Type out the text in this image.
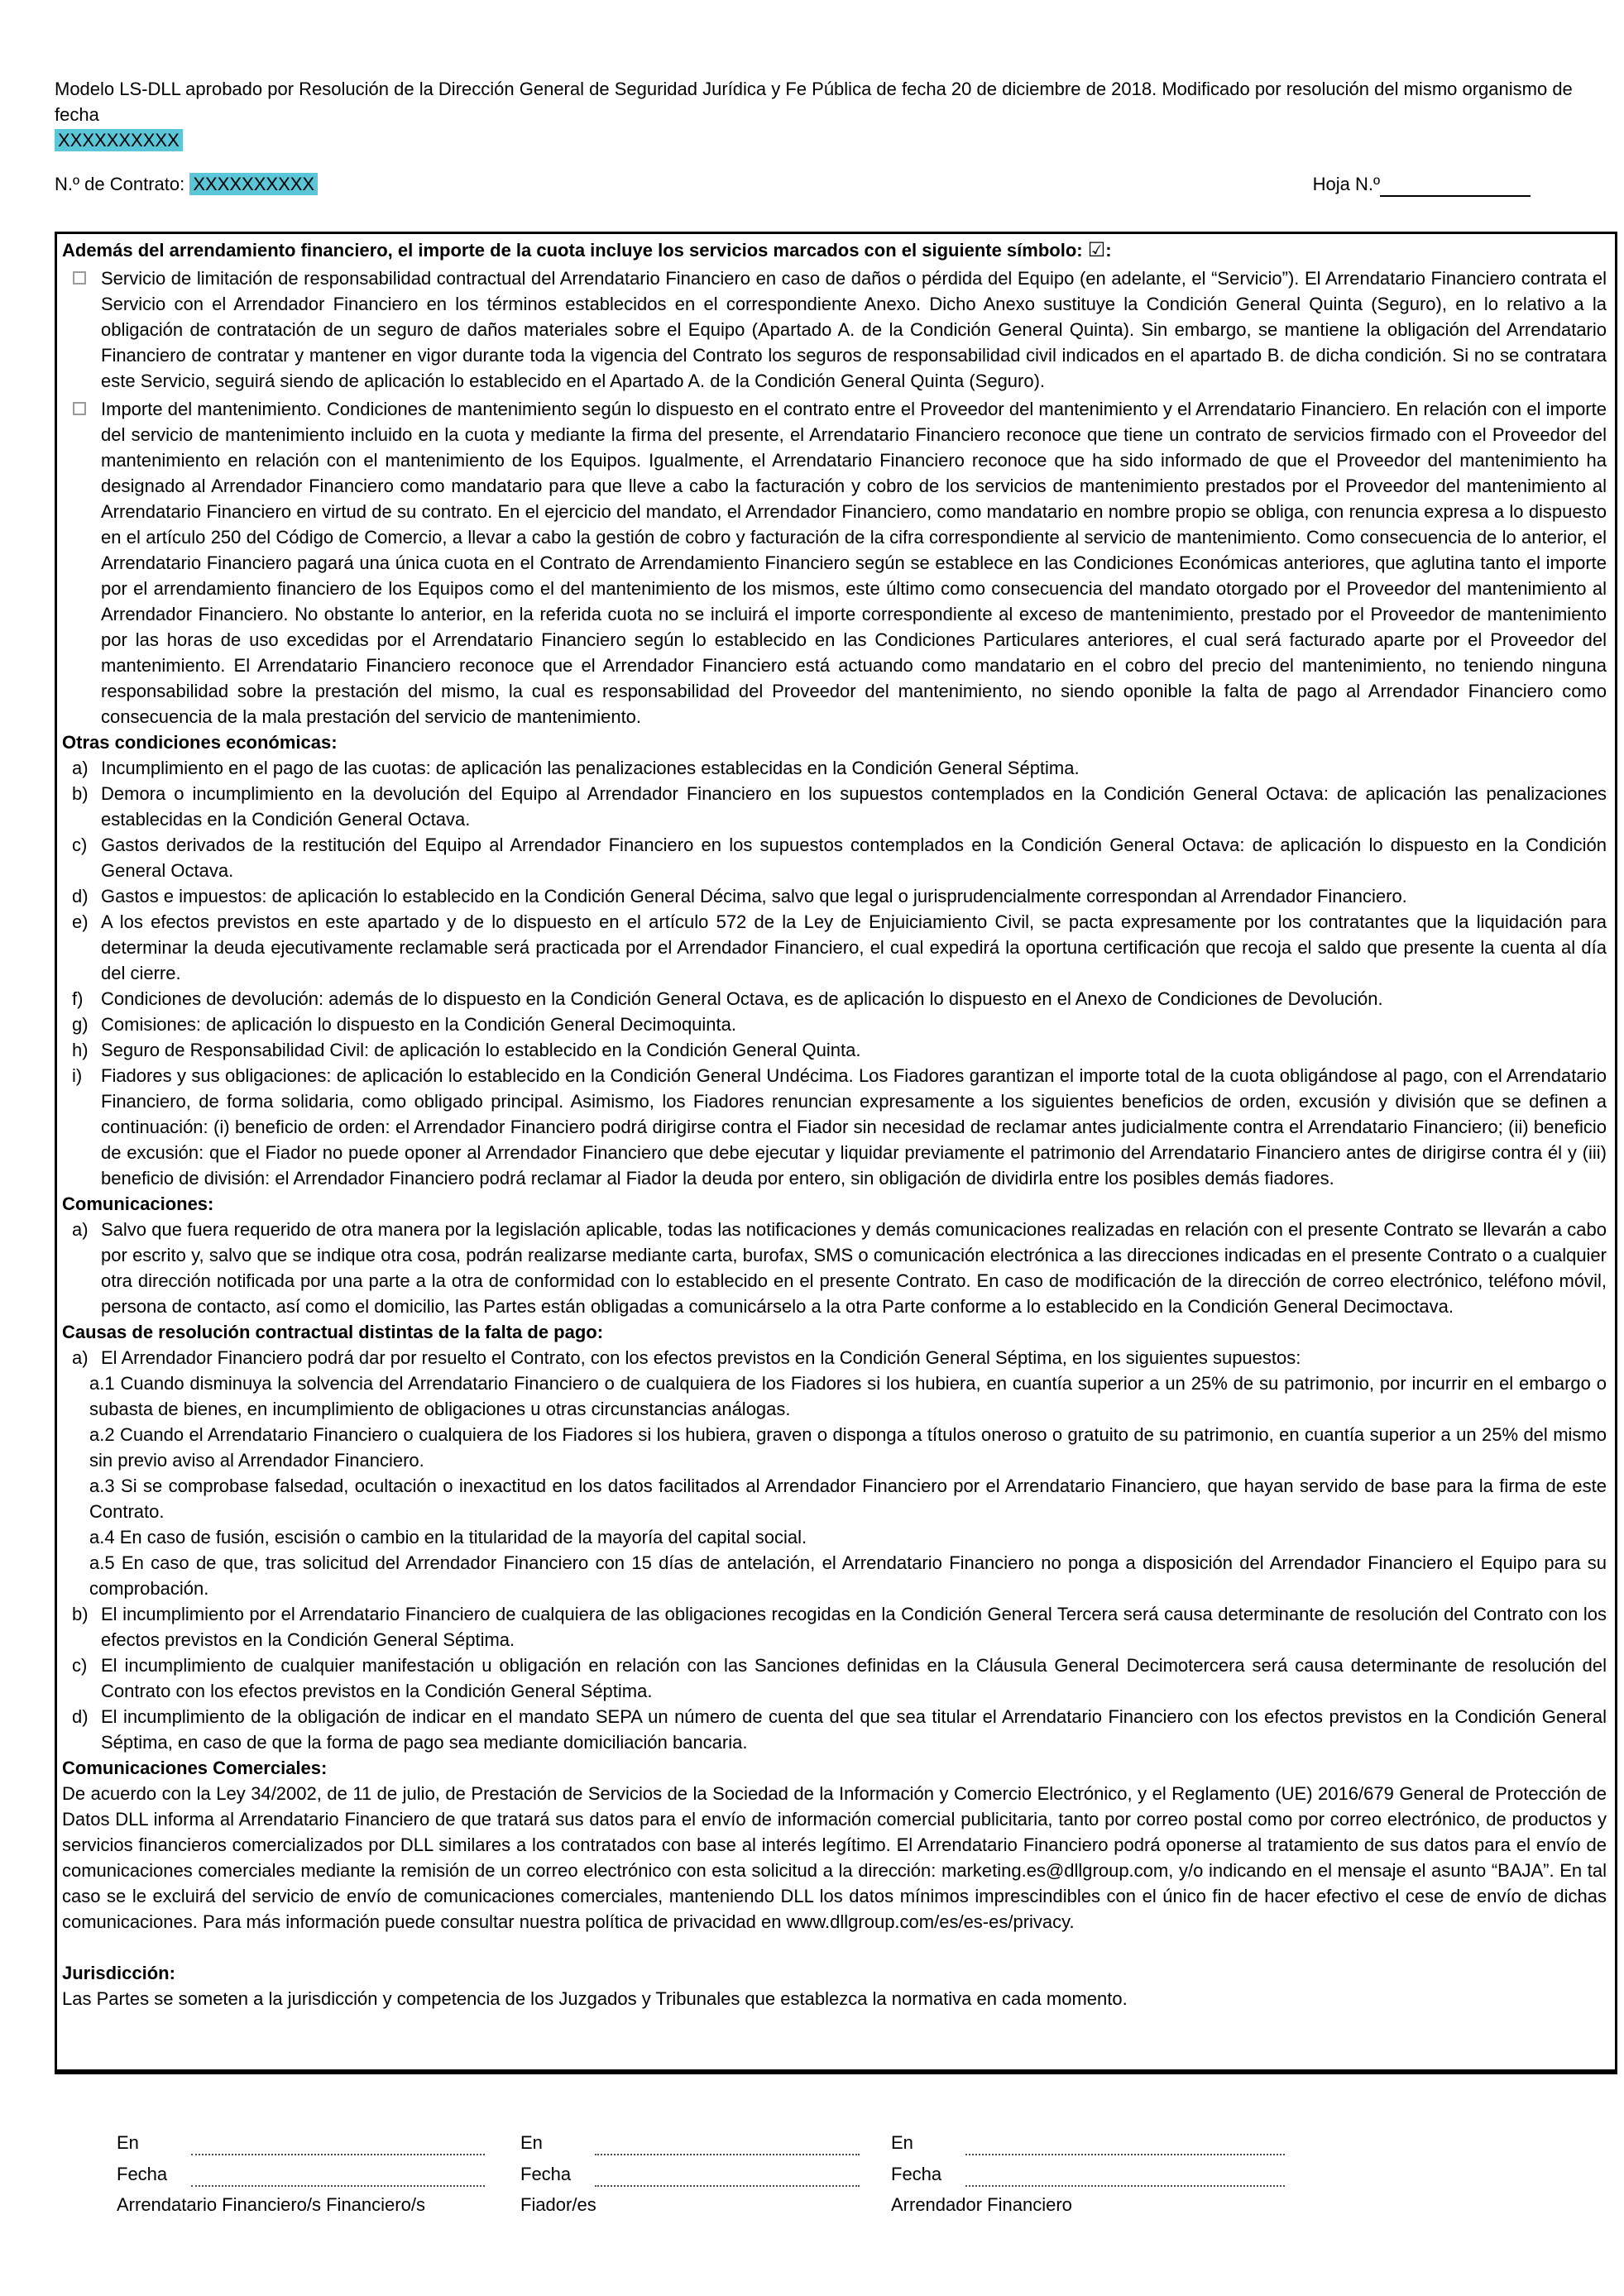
Modelo LS-DLL aprobado por Resolución de la Dirección General de Seguridad Jurídica y Fe Pública de fecha 20 de diciembre de 2018. Modificado por resolución del mismo organismo de fecha
XXXXXXXXXX
N.º de Contrato: XXXXXXXXXX	Hoja N.º

Además del arrendamiento financiero, el importe de la cuota incluye los servicios marcados con el siguiente símbolo: ☑:

Servicio de limitación de responsabilidad contractual del Arrendatario Financiero en caso de daños o pérdida del Equipo (en adelante, el “Servicio”). El Arrendatario Financiero contrata el Servicio con el Arrendador Financiero en los términos establecidos en el correspondiente Anexo. Dicho Anexo sustituye la Condición General Quinta (Seguro), en lo relativo a la obligación de contratación de un seguro de daños materiales sobre el Equipo (Apartado A. de la Condición General Quinta). Sin embargo, se mantiene la obligación del Arrendatario Financiero de contratar y mantener en vigor durante toda la vigencia del Contrato los seguros de responsabilidad civil indicados en el apartado B. de dicha condición. Si no se contratara este Servicio, seguirá siendo de aplicación lo establecido en el Apartado A. de la Condición General Quinta (Seguro).
Importe del mantenimiento. Condiciones de mantenimiento según lo dispuesto en el contrato entre el Proveedor del mantenimiento y el Arrendatario Financiero. En relación con el importe del servicio de mantenimiento incluido en la cuota y mediante la firma del presente, el Arrendatario Financiero reconoce que tiene un contrato de servicios firmado con el Proveedor del mantenimiento en relación con el mantenimiento de los Equipos. Igualmente, el Arrendatario Financiero reconoce que ha sido informado de que el Proveedor del mantenimiento ha designado al Arrendador Financiero como mandatario para que lleve a cabo la facturación y cobro de los servicios de mantenimiento prestados por el Proveedor del mantenimiento al Arrendatario Financiero en virtud de su contrato. En el ejercicio del mandato, el Arrendador Financiero, como mandatario en nombre propio se obliga, con renuncia expresa a lo dispuesto en el artículo 250 del Código de Comercio, a llevar a cabo la gestión de cobro y facturación de la cifra correspondiente al servicio de mantenimiento. Como consecuencia de lo anterior, el Arrendatario Financiero pagará una única cuota en el Contrato de Arrendamiento Financiero según se establece en las Condiciones Económicas anteriores, que aglutina tanto el importe por el arrendamiento financiero de los Equipos como el del mantenimiento de los mismos, este último como consecuencia del mandato otorgado por el Proveedor del mantenimiento al Arrendador Financiero. No obstante lo anterior, en la referida cuota no se incluirá el importe correspondiente al exceso de mantenimiento, prestado por el Proveedor de mantenimiento por las horas de uso excedidas por el Arrendatario Financiero según lo establecido en las Condiciones Particulares anteriores, el cual será facturado aparte por el Proveedor del mantenimiento. El Arrendatario Financiero reconoce que el Arrendador Financiero está actuando como mandatario en el cobro del precio del mantenimiento, no teniendo ninguna responsabilidad sobre la prestación del mismo, la cual es responsabilidad del Proveedor del mantenimiento, no siendo oponible la falta de pago al Arrendador Financiero como consecuencia de la mala prestación del servicio de mantenimiento.

Otras condiciones económicas:

a) Incumplimiento en el pago de las cuotas: de aplicación las penalizaciones establecidas en la Condición General Séptima.
b) Demora o incumplimiento en la devolución del Equipo al Arrendador Financiero en los supuestos contemplados en la Condición General Octava: de aplicación las penalizaciones establecidas en la Condición General Octava.
c) Gastos derivados de la restitución del Equipo al Arrendador Financiero en los supuestos contemplados en la Condición General Octava: de aplicación lo dispuesto en la Condición General Octava.
d) Gastos e impuestos: de aplicación lo establecido en la Condición General Décima, salvo que legal o jurisprudencialmente correspondan al Arrendador Financiero.
e) A los efectos previstos en este apartado y de lo dispuesto en el artículo 572 de la Ley de Enjuiciamiento Civil, se pacta expresamente por los contratantes que la liquidación para determinar la deuda ejecutivamente reclamable será practicada por el Arrendador Financiero, el cual expedirá la oportuna certificación que recoja el saldo que presente la cuenta al día del cierre.
f) Condiciones de devolución: además de lo dispuesto en la Condición General Octava, es de aplicación lo dispuesto en el Anexo de Condiciones de Devolución.
g) Comisiones: de aplicación lo dispuesto en la Condición General Decimoquinta.
h) Seguro de Responsabilidad Civil: de aplicación lo establecido en la Condición General Quinta.
i) Fiadores y sus obligaciones: de aplicación lo establecido en la Condición General Undécima. Los Fiadores garantizan el importe total de la cuota obligándose al pago, con el Arrendatario Financiero, de forma solidaria, como obligado principal. Asimismo, los Fiadores renuncian expresamente a los siguientes beneficios de orden, excusión y división que se definen a continuación: (i) beneficio de orden: el Arrendador Financiero podrá dirigirse contra el Fiador sin necesidad de reclamar antes judicialmente contra el Arrendatario Financiero; (ii) beneficio de excusión: que el Fiador no puede oponer al Arrendador Financiero que debe ejecutar y liquidar previamente el patrimonio del Arrendatario Financiero antes de dirigirse contra él y (iii) beneficio de división: el Arrendador Financiero podrá reclamar al Fiador la deuda por entero, sin obligación de dividirla entre los posibles demás fiadores.

Comunicaciones:

a) Salvo que fuera requerido de otra manera por la legislación aplicable, todas las notificaciones y demás comunicaciones realizadas en relación con el presente Contrato se llevarán a cabo por escrito y, salvo que se indique otra cosa, podrán realizarse mediante carta, burofax, SMS o comunicación electrónica a las direcciones indicadas en el presente Contrato o a cualquier otra dirección notificada por una parte a la otra de conformidad con lo establecido en el presente Contrato. En caso de modificación de la dirección de correo electrónico, teléfono móvil, persona de contacto, así como el domicilio, las Partes están obligadas a comunicárselo a la otra Parte conforme a lo establecido en la Condición General Decimoctava.

Causas de resolución contractual distintas de la falta de pago:

a) El Arrendador Financiero podrá dar por resuelto el Contrato, con los efectos previstos en la Condición General Séptima, en los siguientes supuestos:
a.1 Cuando disminuya la solvencia del Arrendatario Financiero o de cualquiera de los Fiadores si los hubiera, en cuantía superior a un 25% de su patrimonio, por incurrir en el embargo o subasta de bienes, en incumplimiento de obligaciones u otras circunstancias análogas.
a.2 Cuando el Arrendatario Financiero o cualquiera de los Fiadores si los hubiera, graven o disponga a títulos oneroso o gratuito de su patrimonio, en cuantía superior a un 25% del mismo sin previo aviso al Arrendador Financiero.
a.3 Si se comprobase falsedad, ocultación o inexactitud en los datos facilitados al Arrendador Financiero por el Arrendatario Financiero, que hayan servido de base para la firma de este Contrato.
a.4 En caso de fusión, escisión o cambio en la titularidad de la mayoría del capital social.
a.5 En caso de que, tras solicitud del Arrendador Financiero con 15 días de antelación, el Arrendatario Financiero no ponga a disposición del Arrendador Financiero el Equipo para su comprobación.
b) El incumplimiento por el Arrendatario Financiero de cualquiera de las obligaciones recogidas en la Condición General Tercera será causa determinante de resolución del Contrato con los efectos previstos en la Condición General Séptima.
c) El incumplimiento de cualquier manifestación u obligación en relación con las Sanciones definidas en la Cláusula General Decimotercera será causa determinante de resolución del Contrato con los efectos previstos en la Condición General Séptima.
d) El incumplimiento de la obligación de indicar en el mandato SEPA un número de cuenta del que sea titular el Arrendatario Financiero con los efectos previstos en la Condición General Séptima, en caso de que la forma de pago sea mediante domiciliación bancaria.

Comunicaciones Comerciales:

De acuerdo con la Ley 34/2002, de 11 de julio, de Prestación de Servicios de la Sociedad de la Información y Comercio Electrónico, y el Reglamento (UE) 2016/679 General de Protección de Datos DLL informa al Arrendatario Financiero de que tratará sus datos para el envío de información comercial publicitaria, tanto por correo postal como por correo electrónico, de productos y servicios financieros comercializados por DLL similares a los contratados con base al interés legítimo. El Arrendatario Financiero podrá oponerse al tratamiento de sus datos para el envío de comunicaciones comerciales mediante la remisión de un correo electrónico con esta solicitud a la dirección: marketing.es@dllgroup.com, y/o indicando en el mensaje el asunto “BAJA”. En tal caso se le excluirá del servicio de envío de comunicaciones comerciales, manteniendo DLL los datos mínimos imprescindibles con el único fin de hacer efectivo el cese de envío de dichas comunicaciones. Para más información puede consultar nuestra política de privacidad en www.dllgroup.com/es/es-es/privacy.

Jurisdicción:

Las Partes se someten a la jurisdicción y competencia de los Juzgados y Tribunales que establezca la normativa en cada momento.

En
Fecha
Arrendatario Financiero/s Financiero/s
En
Fecha
Fiador/es
En
Fecha
Arrendador Financiero
